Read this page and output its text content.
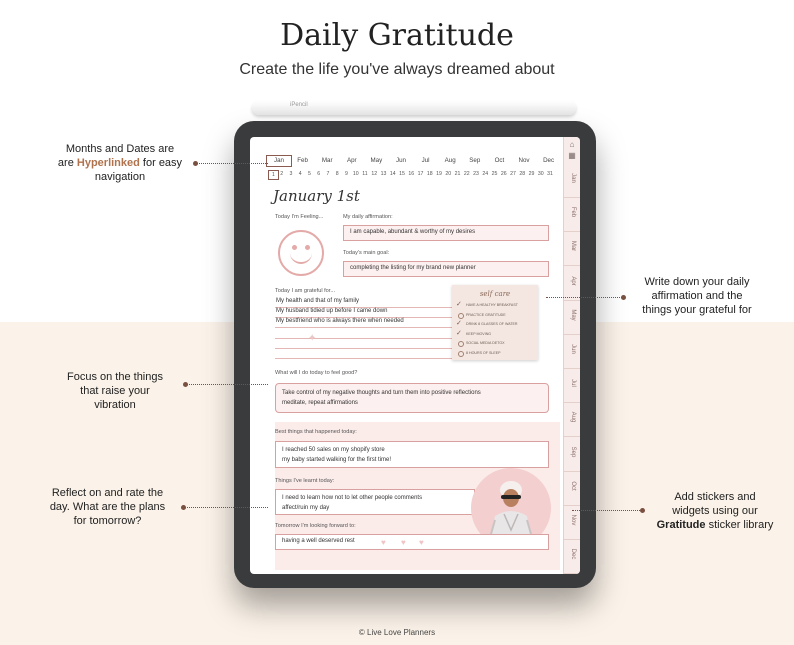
Daily Gratitude
Create the life you've always dreamed about
iPencil
⌂
▦
Jan
Feb
Mar
Apr
May
Jun
Jul
Aug
Sep
Oct
Nov
Dec
Jan	Feb	Mar	Apr	May	Jun	Jul	Aug	Sep	Oct	Nov	Dec
1	2	3	4	5	6	7	8	9 10 11 12 13 14 15 16 17 18 19 20 21 22 23 24 25 26 27 28 29 30 31
January 1st
Today I'm Feeling...	My daily affirmation:
I am capable, abundant & worthy of my desires
Today's main goal:
completing the listing for my brand new planner
Today I am grateful for...
My health and that of my family
My husband tidied up before I came down
My bestfriend who is always there when needed
✦
self care
✓ HAVE A HEALTHY BREAKFAST
PRACTICE GRATITUDE
✓ DRINK 8 GLASSES OF WATER
✓ KEEP MOVING
SOCIAL MEDIA DETOX
8 HOURS OF SLEEP
What will I do today to feel good?
Take control of my negative thoughts and turn them into positive reflections
meditate, repeat affirmations
Best things that happened today:
I reached 50 sales on my shopify store
my baby started walking for the first time!
Things I've learnt today:
I need to learn how not to let other people comments
affect/ruin my day
Tomorrow I'm looking forward to:
having a well deserved rest	♥ ♥ ♥
Months and Dates are
are Hyperlinked for easy
navigation
Write down your daily
affirmation and the
things your grateful for
Focus on the things
that raise your
vibration
Reflect on and rate the
day. What are the plans
for tomorrow?
Add stickers and
widgets using our
Gratitude sticker library
© Live Love Planners
